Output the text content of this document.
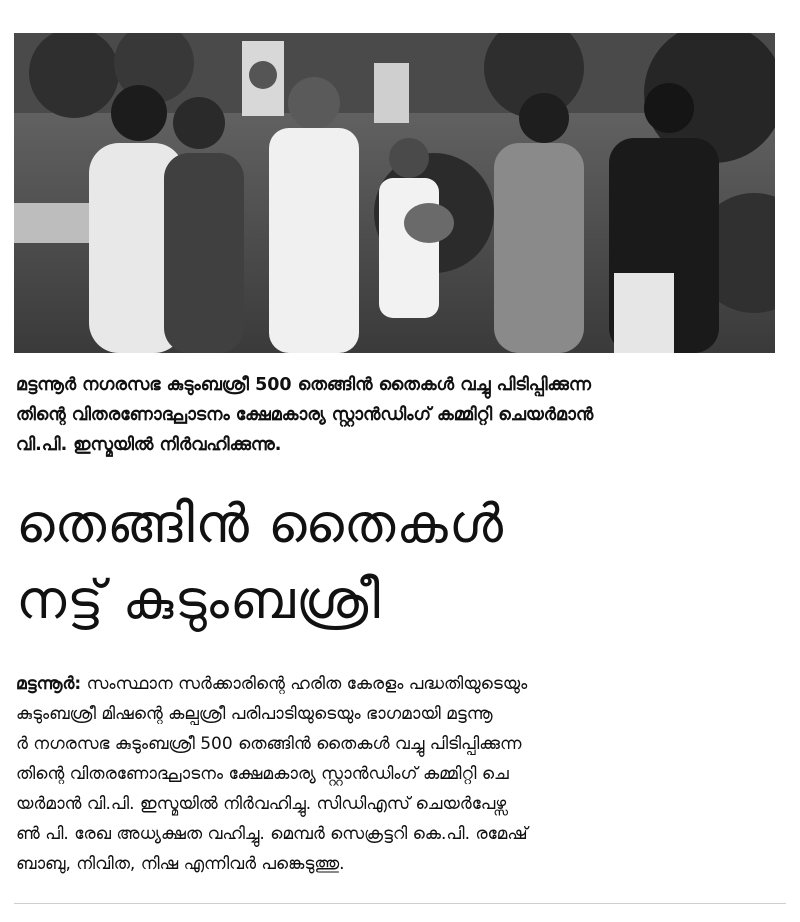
മട്ടന്നൂർ നഗരസഭ കുടുംബശ്രീ 500 തെങ്ങിൻ തൈകൾ വച്ചു പിടിപ്പിക്കുന്ന
തിന്റെ വിതരണോദ്ഘാടനം ക്ഷേമകാര്യ സ്റ്റാൻഡിംഗ് കമ്മിറ്റി ചെയർമാൻ
വി.പി. ഇസ്മയിൽ നിർവഹിക്കുന്നു.
തെങ്ങിൻ തൈകൾ
നട്ട് കുടുംബശ്രീ
മട്ടന്നൂർ: സംസ്ഥാന സർക്കാരിന്റെ ഹരിത കേരളം പദ്ധതിയുടെയും
കുടുംബശ്രീ മിഷന്റെ കല്പശ്രീ പരിപാടിയുടെയും ഭാഗമായി മട്ടന്നൂ
ർ നഗരസഭ കുടുംബശ്രീ 500 തെങ്ങിൻ തൈകൾ വച്ചു പിടിപ്പിക്കുന്ന
തിന്റെ വിതരണോദ്ഘാടനം ക്ഷേമകാര്യ സ്റ്റാൻഡിംഗ് കമ്മിറ്റി ചെ
യർമാൻ വി.പി. ഇസ്മയിൽ നിർവഹിച്ചു. സിഡിഎസ് ചെയർപേഴ്സ
ൺ പി. രേഖ അധ്യക്ഷത വഹിച്ചു. മെമ്പർ സെക്രട്ടറി കെ.പി. രമേഷ്
ബാബു, നിവിത, നിഷ എന്നിവർ പങ്കെടുത്തു.
